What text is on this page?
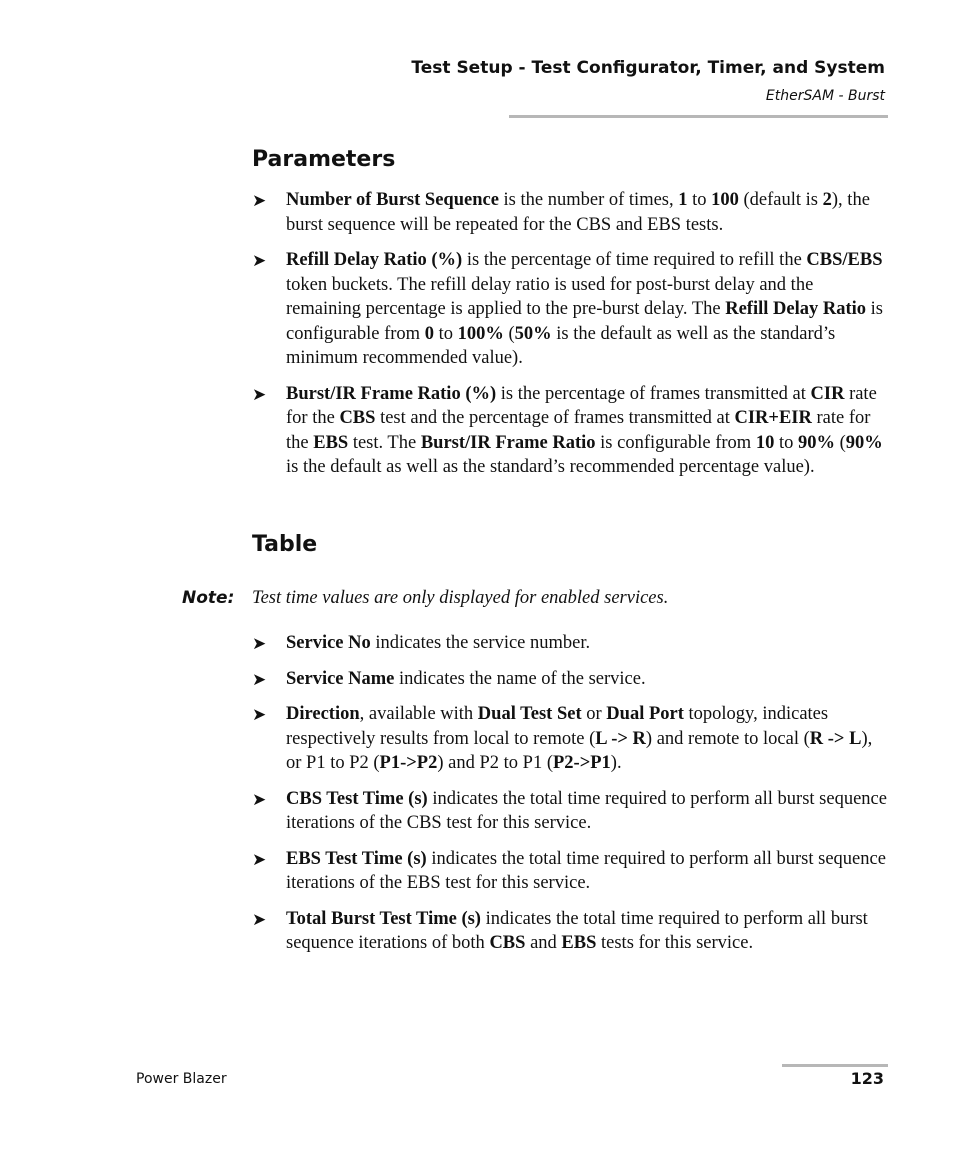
Test Setup - Test Configurator, Timer, and System
EtherSAM - Burst
Parameters
➤ Number of Burst Sequence is the number of times, 1 to 100 (default is 2), the burst sequence will be repeated for the CBS and EBS tests.
➤ Refill Delay Ratio (%) is the percentage of time required to refill the CBS/EBS token buckets. The refill delay ratio is used for post-burst delay and the remaining percentage is applied to the pre-burst delay. The Refill Delay Ratio is configurable from 0 to 100% (50% is the default as well as the standard’s minimum recommended value).
➤ Burst/IR Frame Ratio (%) is the percentage of frames transmitted at CIR rate for the CBS test and the percentage of frames transmitted at CIR+EIR rate for the EBS test. The Burst/IR Frame Ratio is configurable from 10 to 90% (90% is the default as well as the standard’s recommended percentage value).
Table
Note: Test time values are only displayed for enabled services.
➤ Service No indicates the service number.
➤ Service Name indicates the name of the service.
➤ Direction, available with Dual Test Set or Dual Port topology, indicates respectively results from local to remote (L -> R) and remote to local (R -> L), or P1 to P2 (P1->P2) and P2 to P1 (P2->P1).
➤ CBS Test Time (s) indicates the total time required to perform all burst sequence iterations of the CBS test for this service.
➤ EBS Test Time (s) indicates the total time required to perform all burst sequence iterations of the EBS test for this service.
➤ Total Burst Test Time (s) indicates the total time required to perform all burst sequence iterations of both CBS and EBS tests for this service.
Power Blazer	123
